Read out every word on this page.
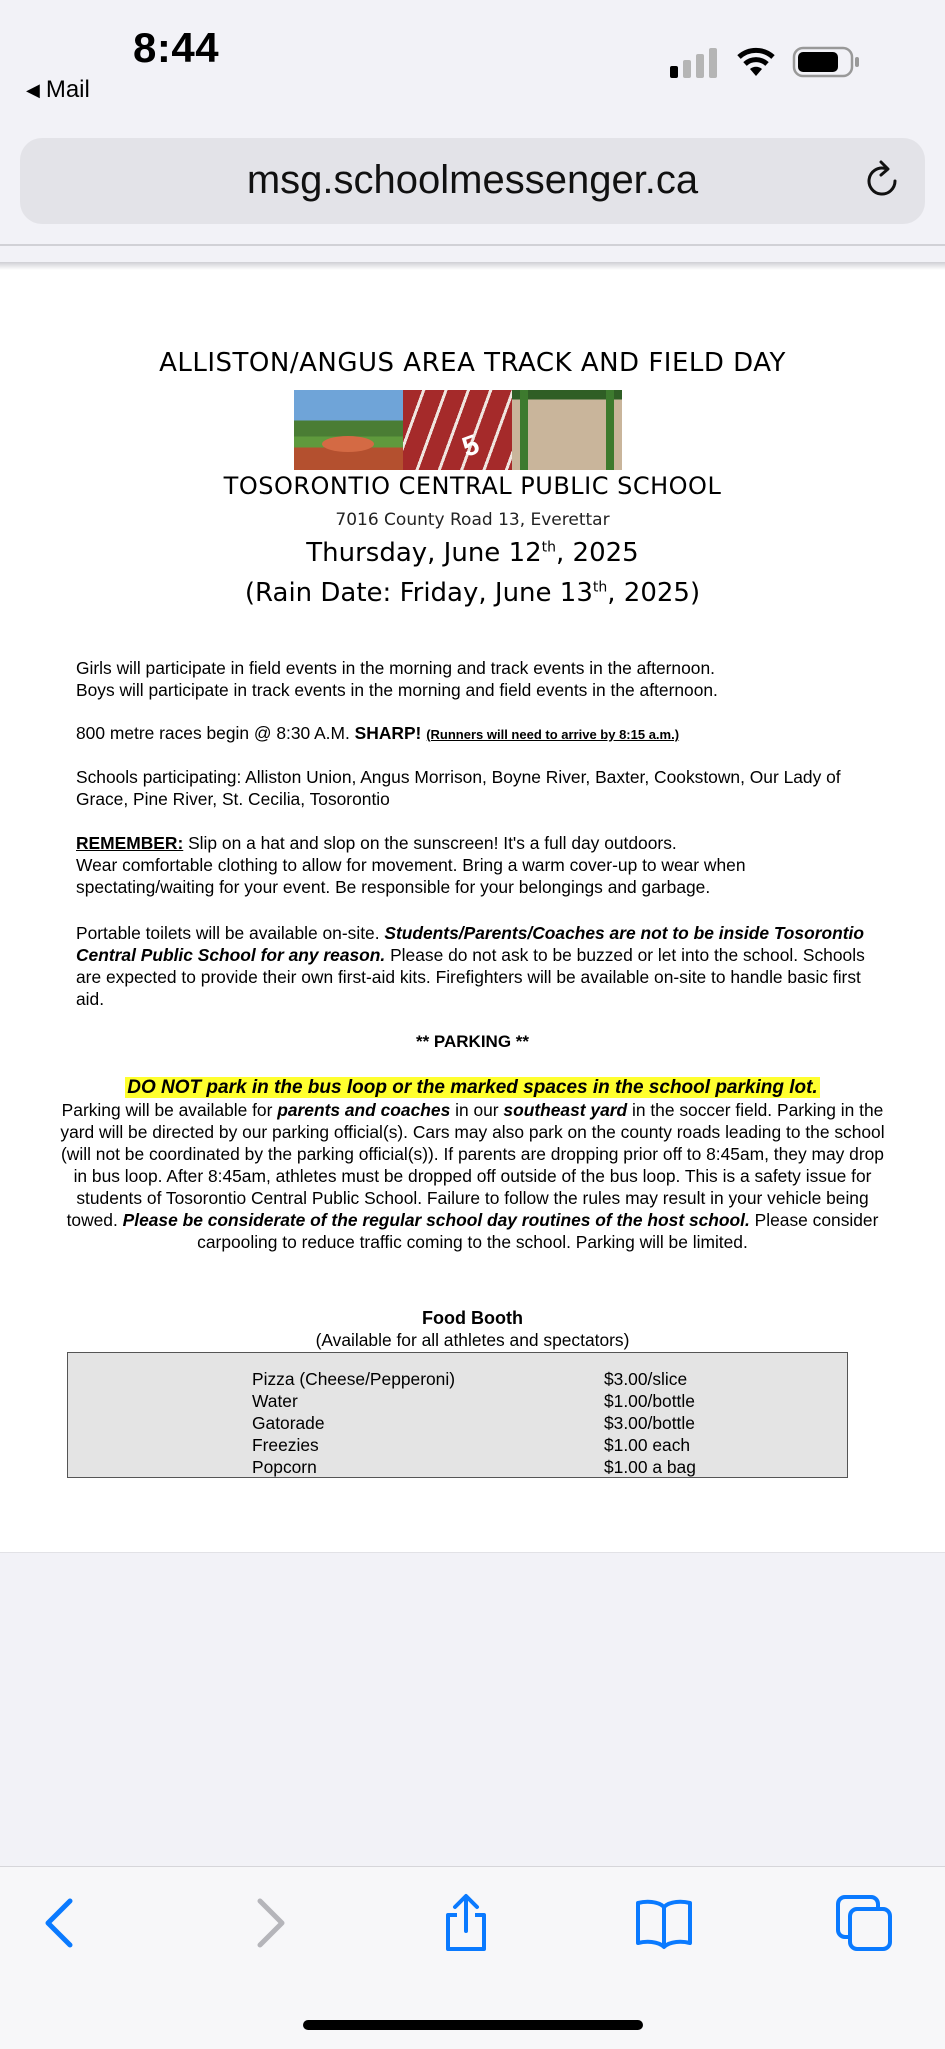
8:44
◀ Mail
msg.schoolmessenger.ca
ALLISTON/ANGUS AREA TRACK AND FIELD DAY
5
TOSORONTIO CENTRAL PUBLIC SCHOOL
7016 County Road 13, Everettar
Thursday, June 12th, 2025
(Rain Date: Friday, June 13th, 2025)
Girls will participate in field events in the morning and track events in the afternoon.
Boys will participate in track events in the morning and field events in the afternoon.
800 metre races begin @ 8:30 A.M. SHARP! (Runners will need to arrive by 8:15 a.m.)
Schools participating: Alliston Union, Angus Morrison, Boyne River, Baxter, Cookstown, Our Lady of Grace, Pine River, St. Cecilia, Tosorontio
REMEMBER: Slip on a hat and slop on the sunscreen! It's a full day outdoors.
Wear comfortable clothing to allow for movement. Bring a warm cover-up to wear when spectating/waiting for your event. Be responsible for your belongings and garbage.
Portable toilets will be available on-site. Students/Parents/Coaches are not to be inside Tosorontio Central Public School for any reason. Please do not ask to be buzzed or let into the school. Schools are expected to provide their own first-aid kits. Firefighters will be available on-site to handle basic first aid.
** PARKING **
DO NOT park in the bus loop or the marked spaces in the school parking lot.
Parking will be available for parents and coaches in our southeast yard in the soccer field. Parking in the yard will be directed by our parking official(s). Cars may also park on the county roads leading to the school (will not be coordinated by the parking official(s)). If parents are dropping prior off to 8:45am, they may drop in bus loop. After 8:45am, athletes must be dropped off outside of the bus loop. This is a safety issue for students of Tosorontio Central Public School. Failure to follow the rules may result in your vehicle being towed. Please be considerate of the regular school day routines of the host school. Please consider carpooling to reduce traffic coming to the school. Parking will be limited.
Food Booth
(Available for all athletes and spectators)
Pizza (Cheese/Pepperoni)	$3.00/slice
Water	$1.00/bottle
Gatorade	$3.00/bottle
Freezies	$1.00 each
Popcorn	$1.00 a bag
